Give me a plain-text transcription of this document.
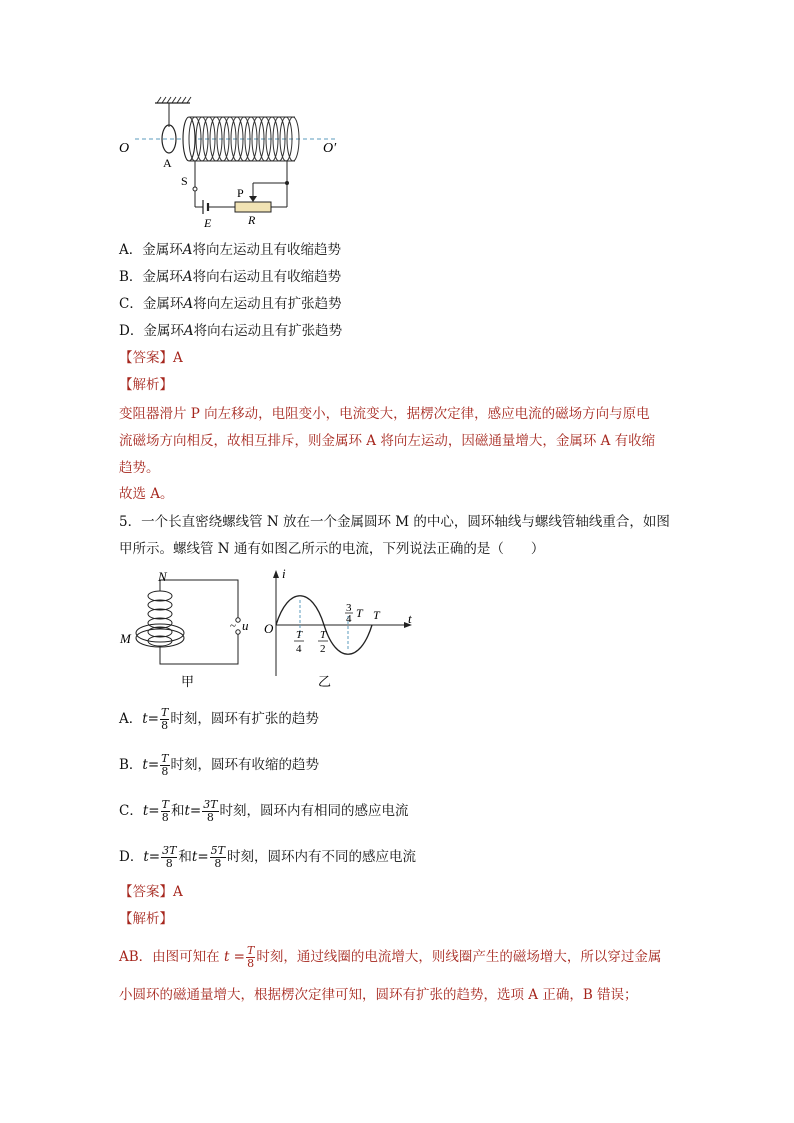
O	O′
A
S
P
E	R
A．金属环A将向左运动且有收缩趋势
B．金属环A将向右运动且有收缩趋势
C．金属环A将向左运动且有扩张趋势
D．金属环A将向右运动且有扩张趋势
【答案】A
【解析】
变阻器滑片 P 向左移动，电阻变小，电流变大，据楞次定律，感应电流的磁场方向与原电
流磁场方向相反，故相互排斥，则金属环 A 将向左运动，因磁通量增大，金属环 A 有收缩
趋势。
故选 A。
5．一个长直密绕螺线管 N 放在一个金属圆环 M 的中心，圆环轴线与螺线管轴线重合，如图
甲所示。螺线管 N 通有如图乙所示的电流，下列说法正确的是（　　）
~
N
M
u
甲
i
t
O
3
4 T T
T
4
T
2
乙
A．$t= \frac{T}{8}$ 时刻，圆环有扩张的趋势
B．$t= \frac{T}{8}$ 时刻，圆环有收缩的趋势
C．$t= \frac{T}{8}$ 和$t= \frac{3T}{8}$ 时刻，圆环内有相同的感应电流
D．$t= \frac{3T}{8}$ 和$t= \frac{5T}{8}$ 时刻，圆环内有不同的感应电流
【答案】A
【解析】
AB．由图可知在 $t = \frac{T}{8}$ 时刻，通过线圈的电流增大，则线圈产生的磁场增大，所以穿过金属
小圆环的磁通量增大，根据楞次定律可知，圆环有扩张的趋势，选项 A 正确，B 错误；
